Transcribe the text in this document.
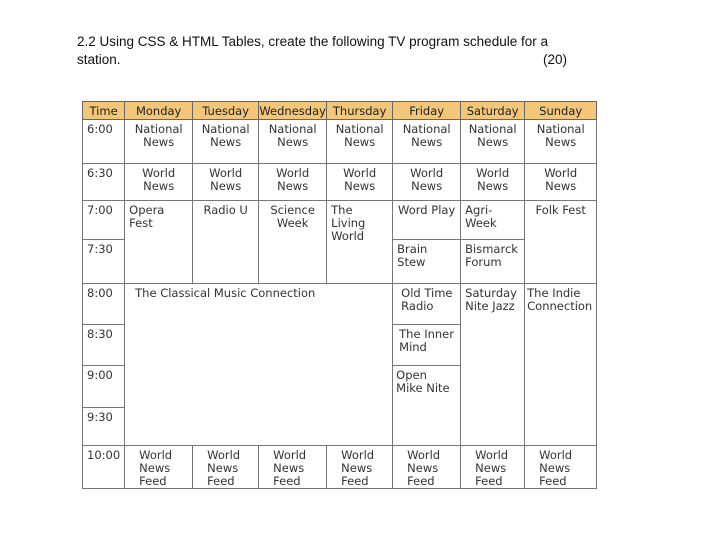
2.2 Using CSS & HTML Tables, create the following TV program schedule for a
station.	(20)
Time	Monday	Tuesday	Wednesday	Thursday	Friday	Saturday	Sunday
6:00	National News	National News	National News	National News	National News	National News	National News
6:30	World News	World News	World News	World News	World News	World News	World News
7:00	Opera Fest	Radio U	Science Week	The Living World	Word Play	Agri-Week	Folk Fest
7:30					Brain Stew	Bismarck Forum	
8:00	The Classical Music Connection				Old Time Radio	Saturday Nite Jazz	The Indie Connection
8:30					The Inner Mind		
9:00					Open Mike Nite		
9:30							
10:00	World News Feed	World News Feed	World News Feed	World News Feed	World News Feed	World News Feed	World News Feed
